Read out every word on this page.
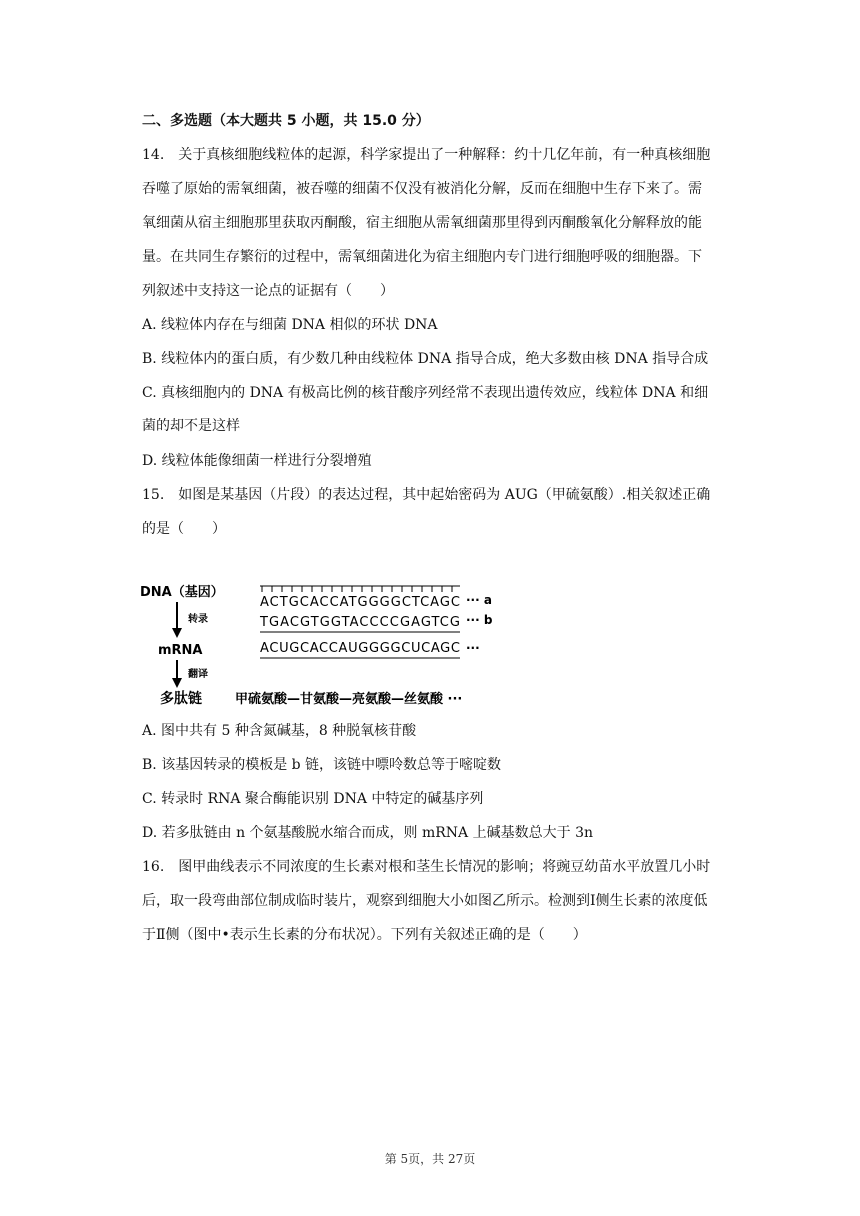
二、多选题（本大题共 5 小题，共 15.0 分）
14.　关于真核细胞线粒体的起源，科学家提出了一种解释：约十几亿年前，有一种真核细胞
吞噬了原始的需氧细菌，被吞噬的细菌不仅没有被消化分解，反而在细胞中生存下来了。需
氧细菌从宿主细胞那里获取丙酮酸，宿主细胞从需氧细菌那里得到丙酮酸氧化分解释放的能
量。在共同生存繁衍的过程中，需氧细菌进化为宿主细胞内专门进行细胞呼吸的细胞器。下
列叙述中支持这一论点的证据有（　　）
A. 线粒体内存在与细菌 DNA 相似的环状 DNA
B. 线粒体内的蛋白质，有少数几种由线粒体 DNA 指导合成，绝大多数由核 DNA 指导合成
C. 真核细胞内的 DNA 有极高比例的核苷酸序列经常不表现出遗传效应，线粒体 DNA 和细
菌的却不是这样
D. 线粒体能像细菌一样进行分裂增殖
15.　如图是某基因（片段）的表达过程，其中起始密码为 AUG（甲硫氨酸）.相关叙述正确
的是（　　）
DNA（基因）
转录
mRNA
翻译
多肽链
ACTGCACCATGGGGCTCAGC ··· a
TGACGTGGTACCCCGAGTCG ··· b
ACUGCACCAUGGGGCUCAGC ···
甲硫氨酸—甘氨酸—亮氨酸—丝氨酸 ···
A. 图中共有 5 种含氮碱基，8 种脱氧核苷酸
B. 该基因转录的模板是 b 链，该链中嘌呤数总等于嘧啶数
C. 转录时 RNA 聚合酶能识别 DNA 中特定的碱基序列
D. 若多肽链由 n 个氨基酸脱水缩合而成，则 mRNA 上碱基数总大于 3n
16.　图甲曲线表示不同浓度的生长素对根和茎生长情况的影响；将豌豆幼苗水平放置几小时
后，取一段弯曲部位制成临时装片，观察到细胞大小如图乙所示。检测到Ⅰ侧生长素的浓度低
于Ⅱ侧（图中•表示生长素的分布状况）。下列有关叙述正确的是（　　）
第 5页，共 27页
